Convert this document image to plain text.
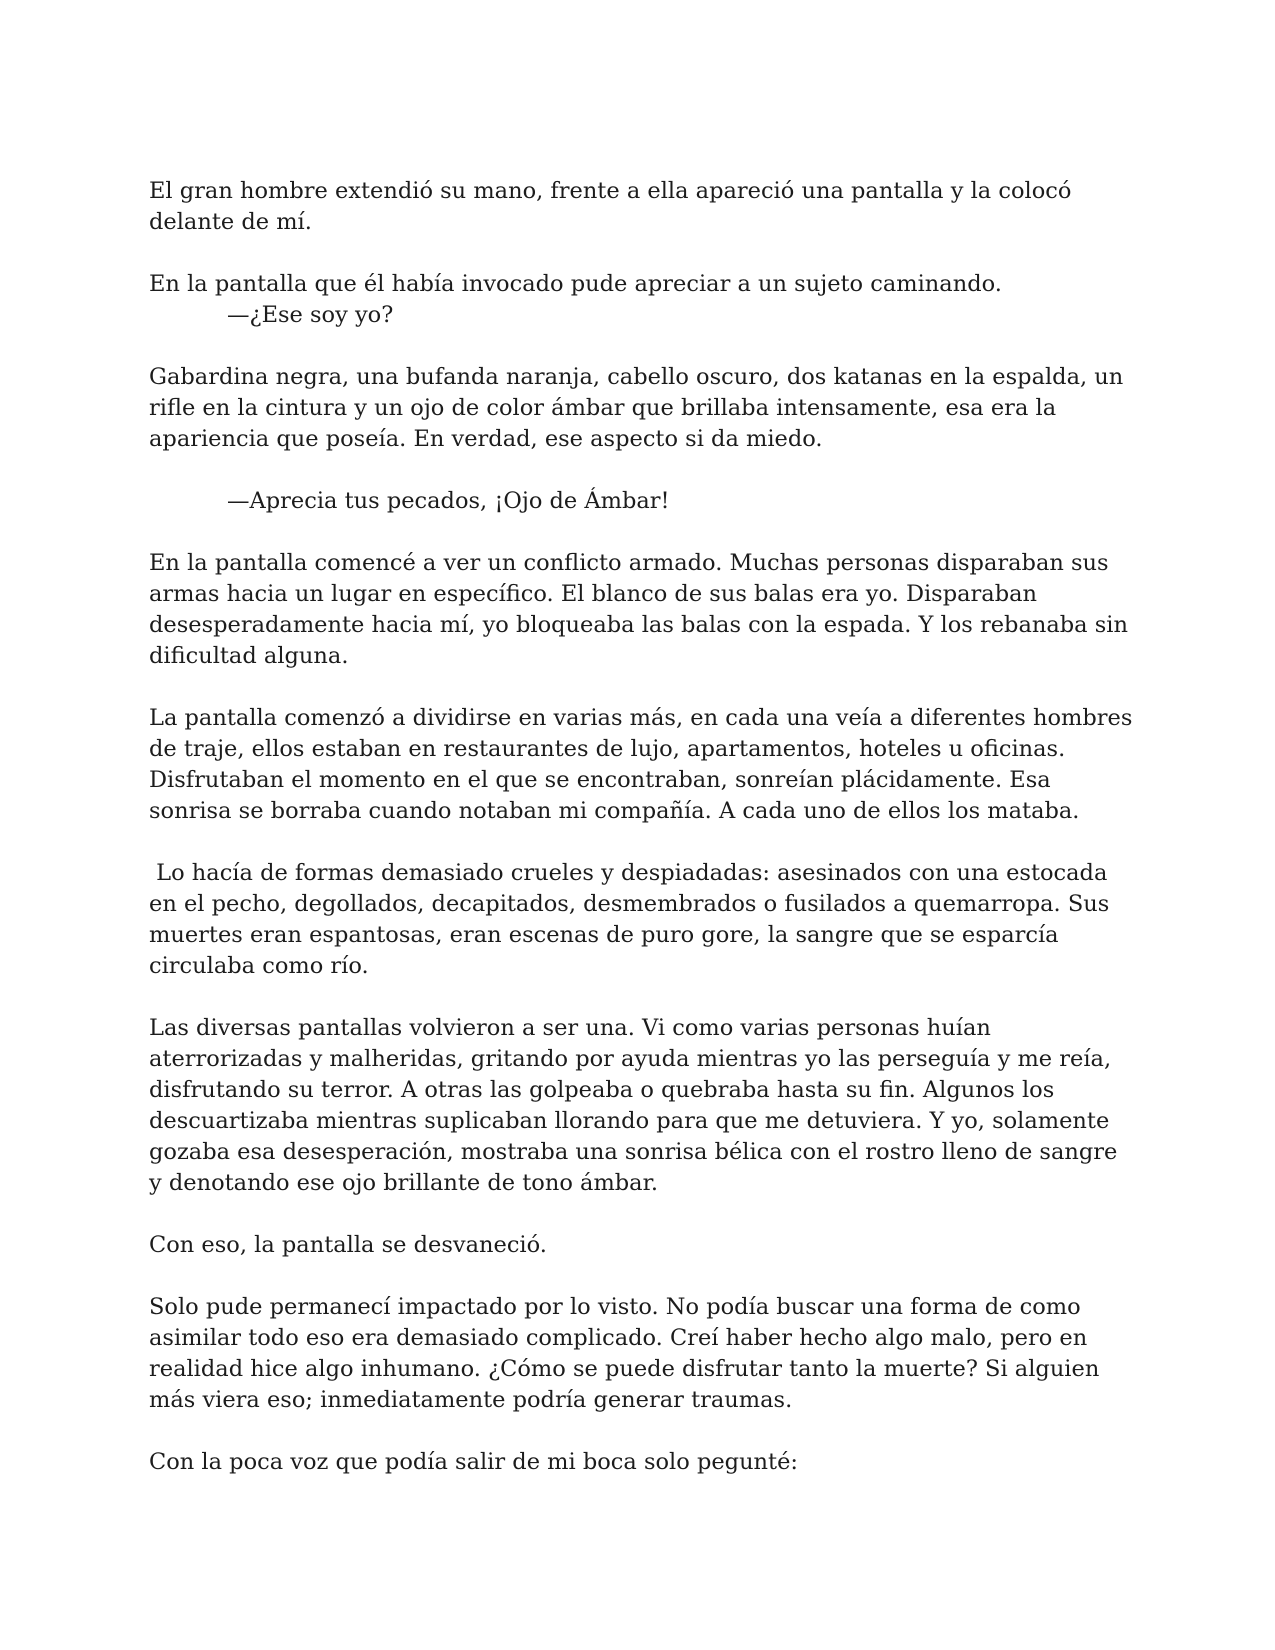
El gran hombre extendió su mano, frente a ella apareció una pantalla y la colocó delante de mí.

En la pantalla que él había invocado pude apreciar a un sujeto caminando.

—¿Ese soy yo?

Gabardina negra, una bufanda naranja, cabello oscuro, dos katanas en la espalda, un rifle en la cintura y un ojo de color ámbar que brillaba intensamente, esa era la apariencia que poseía. En verdad, ese aspecto si da miedo.

—Aprecia tus pecados, ¡Ojo de Ámbar!

En la pantalla comencé a ver un conflicto armado. Muchas personas disparaban sus armas hacia un lugar en específico. El blanco de sus balas era yo. Disparaban desesperadamente hacia mí, yo bloqueaba las balas con la espada. Y los rebanaba sin dificultad alguna.

La pantalla comenzó a dividirse en varias más, en cada una veía a diferentes hombres de traje, ellos estaban en restaurantes de lujo, apartamentos, hoteles u oficinas. Disfrutaban el momento en el que se encontraban, sonreían plácidamente. Esa sonrisa se borraba cuando notaban mi compañía. A cada uno de ellos los mataba.

Lo hacía de formas demasiado crueles y despiadadas: asesinados con una estocada en el pecho, degollados, decapitados, desmembrados o fusilados a quemarropa. Sus muertes eran espantosas, eran escenas de puro gore, la sangre que se esparcía circulaba como río.

Las diversas pantallas volvieron a ser una. Vi como varias personas huían aterrorizadas y malheridas, gritando por ayuda mientras yo las perseguía y me reía, disfrutando su terror. A otras las golpeaba o quebraba hasta su fin. Algunos los descuartizaba mientras suplicaban llorando para que me detuviera. Y yo, solamente gozaba esa desesperación, mostraba una sonrisa bélica con el rostro lleno de sangre y denotando ese ojo brillante de tono ámbar.

Con eso, la pantalla se desvaneció.

Solo pude permanecí impactado por lo visto. No podía buscar una forma de como asimilar todo eso era demasiado complicado. Creí haber hecho algo malo, pero en realidad hice algo inhumano. ¿Cómo se puede disfrutar tanto la muerte? Si alguien más viera eso; inmediatamente podría generar traumas.

Con la poca voz que podía salir de mi boca solo pegunté:
